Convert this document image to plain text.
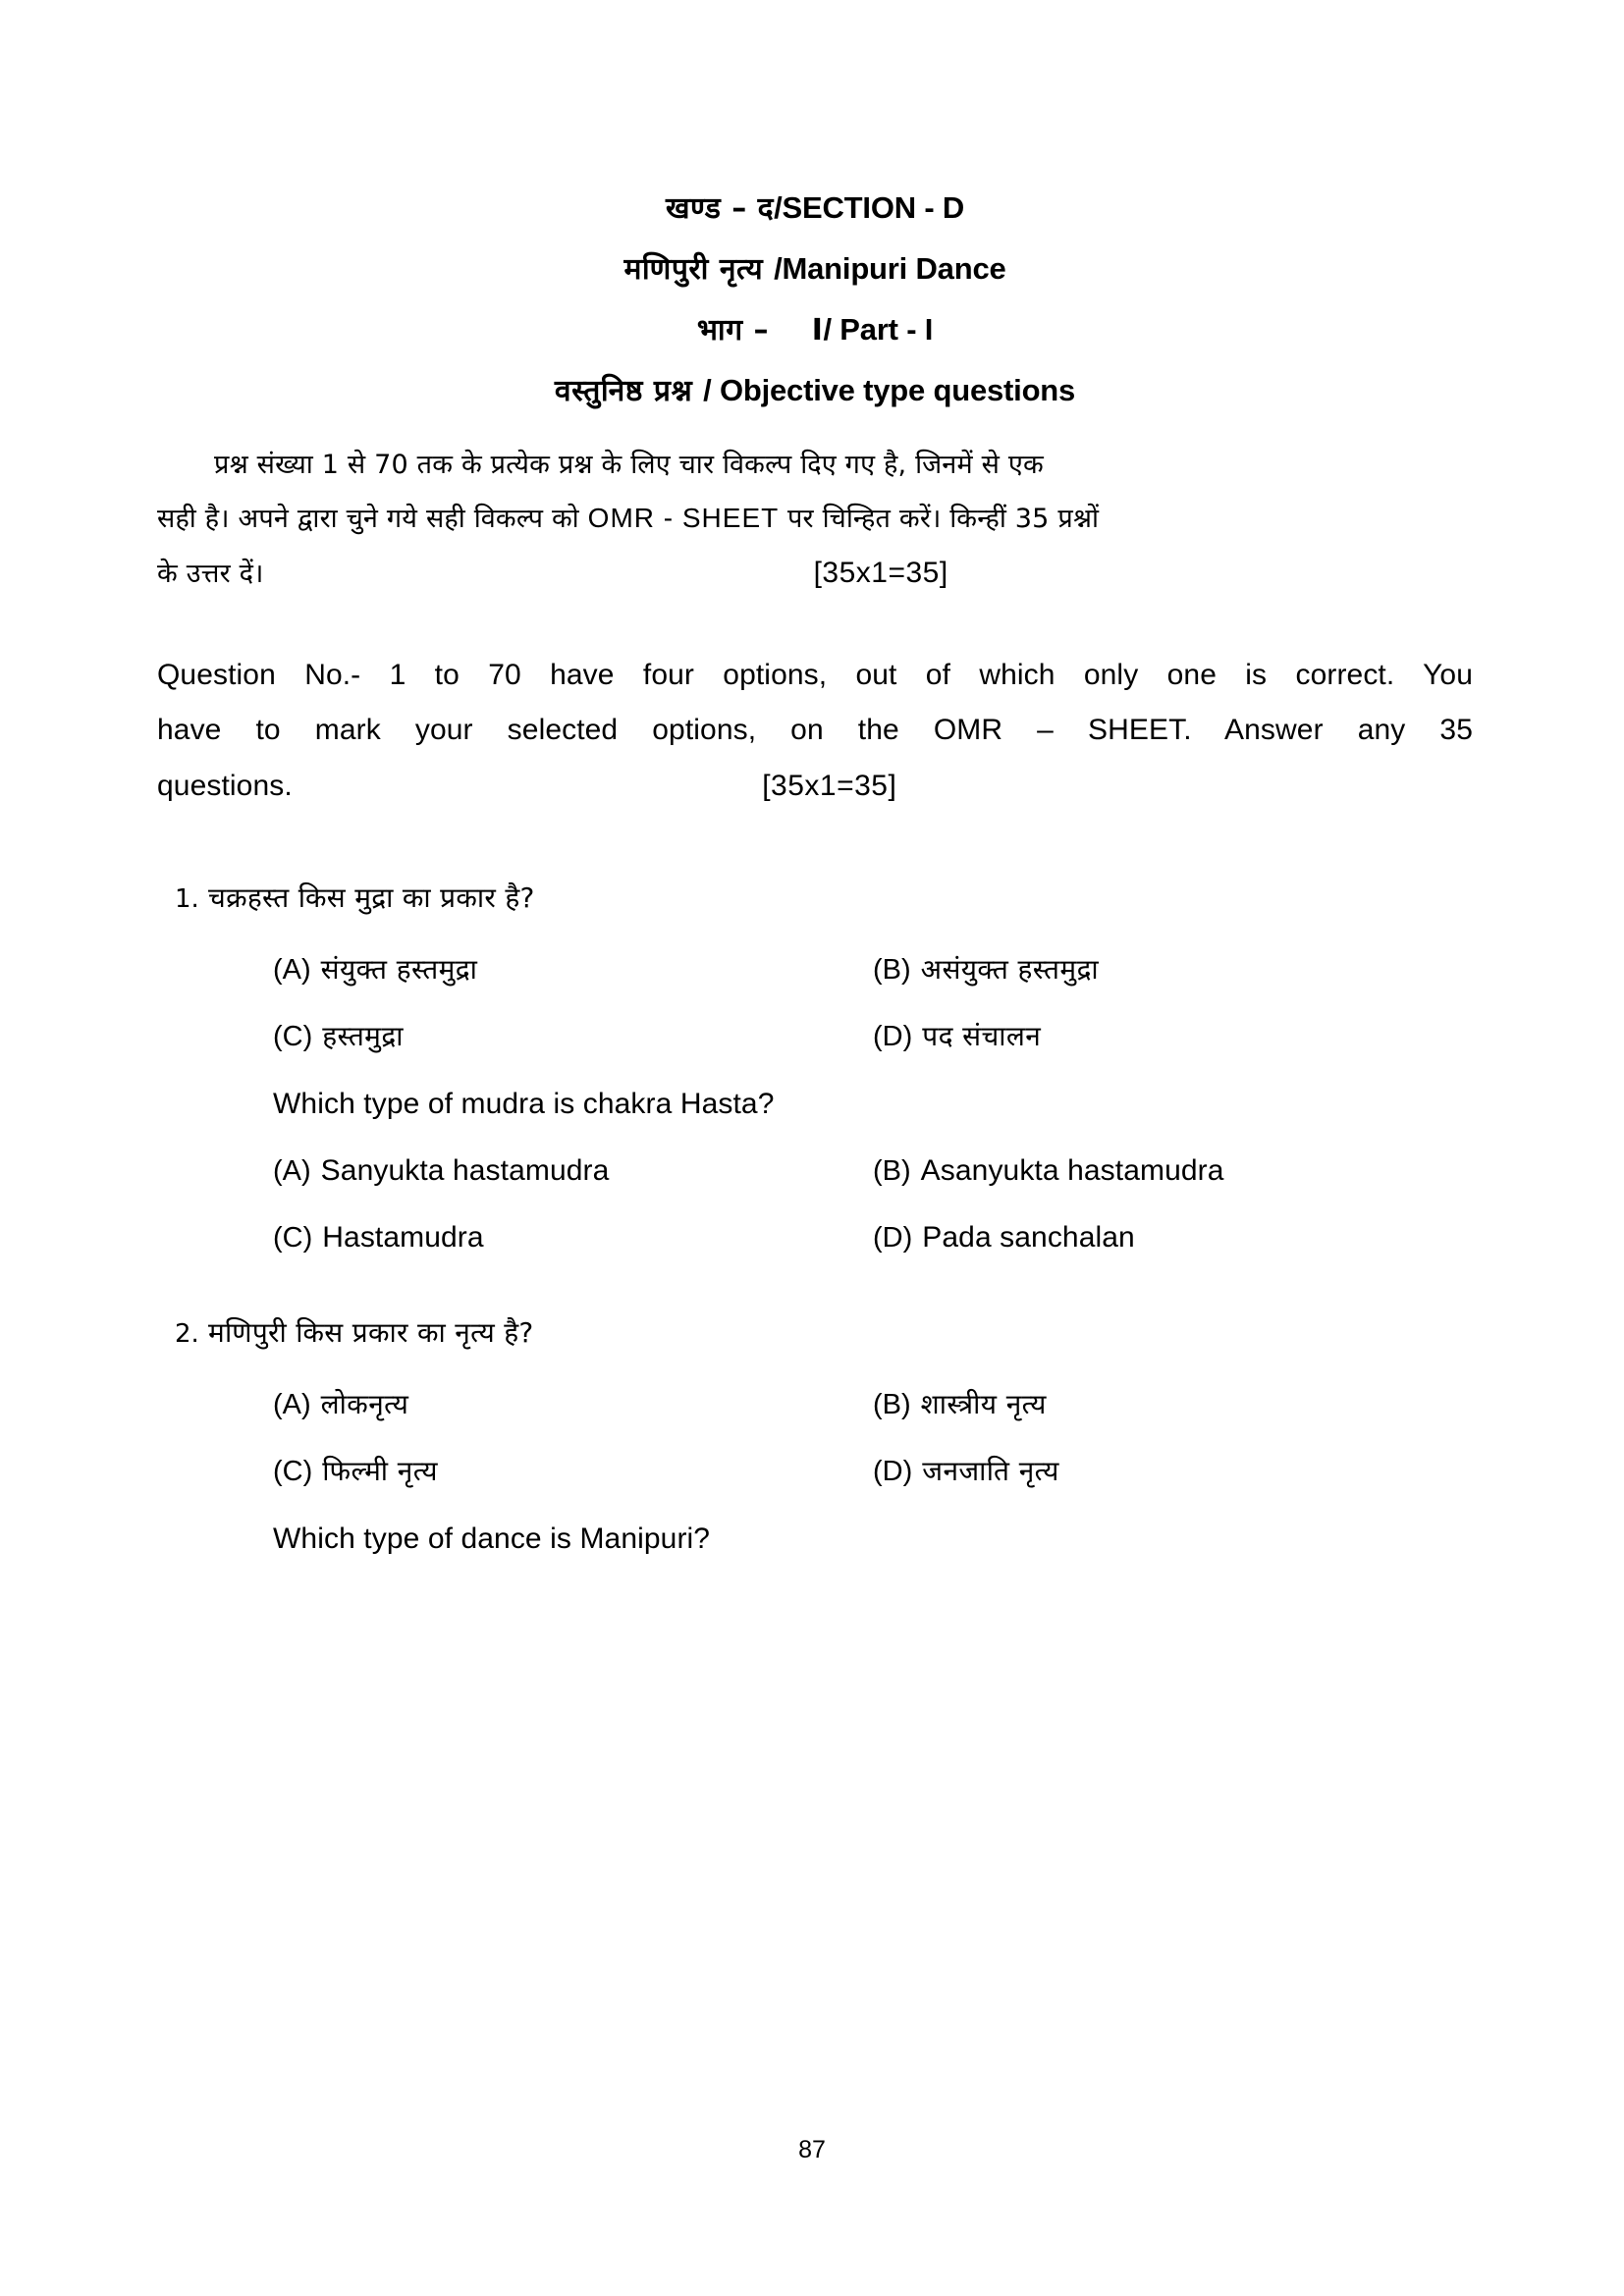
खण्ड – द/SECTION - D
मणिपुरी नृत्य /Manipuri Dance
भाग –    I/ Part - I
वस्तुनिष्ठ प्रश्न / Objective type questions
प्रश्न संख्या 1 से 70 तक के प्रत्येक प्रश्न के लिए चार विकल्प दिए गए है, जिनमें से एक
सही है। अपने द्वारा चुने गये सही विकल्प को OMR - SHEET पर चिन्हित करें। किन्हीं 35 प्रश्नों
के उत्तर दें।	[35x1=35]
Question No.- 1 to 70 have four options, out of which only one is correct. You
have to mark your selected options, on the OMR – SHEET. Answer any 35
questions.	[35x1=35]
1. चक्रहस्त किस मुद्रा का प्रकार है?
(A) संयुक्त हस्तमुद्रा	(B) असंयुक्त हस्तमुद्रा
(C) हस्तमुद्रा	(D) पद संचालन
Which type of mudra is chakra Hasta?
(A) Sanyukta hastamudra	(B) Asanyukta hastamudra
(C) Hastamudra	(D) Pada sanchalan
2. मणिपुरी किस प्रकार का नृत्य है?
(A) लोकनृत्य	(B) शास्त्रीय नृत्य
(C) फिल्मी नृत्य	(D) जनजाति नृत्य
Which type of dance is Manipuri?
87
